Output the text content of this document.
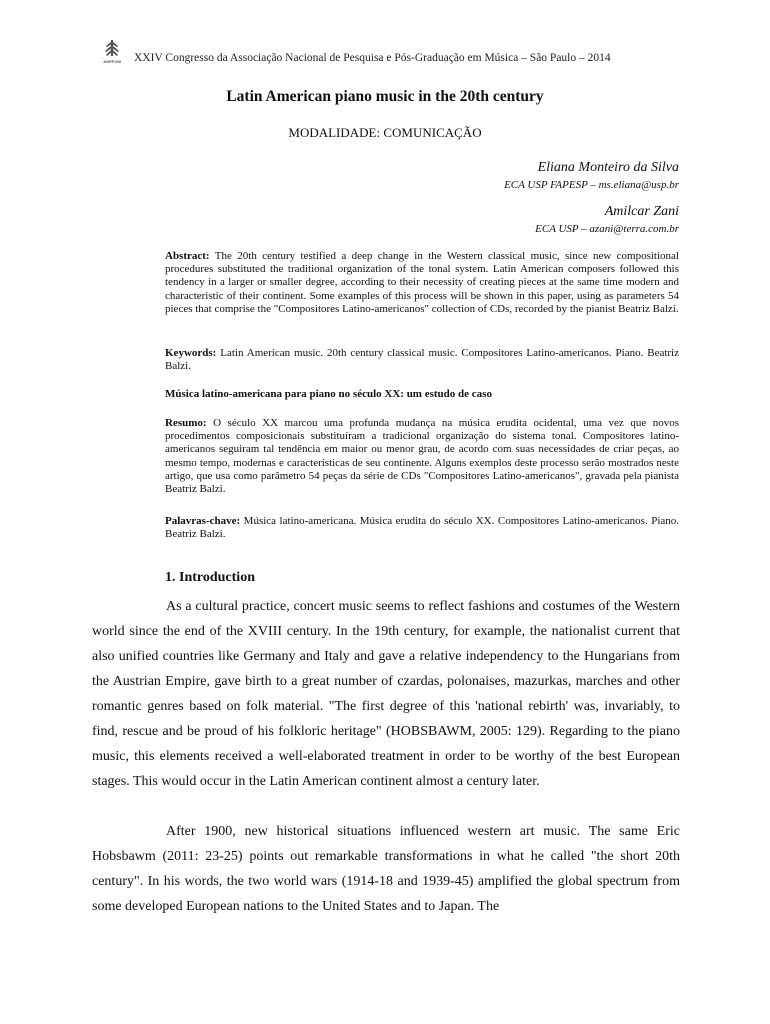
ANPPOM XXIV Congresso da Associação Nacional de Pesquisa e Pós-Graduação em Música – São Paulo – 2014
Latin American piano music in the 20th century
MODALIDADE: COMUNICAÇÃO
Eliana Monteiro da Silva
ECA USP FAPESP – ms.eliana@usp.br
Amilcar Zani
ECA USP – azani@terra.com.br
Abstract: The 20th century testified a deep change in the Western classical music, since new compositional procedures substituted the traditional organization of the tonal system. Latin American composers followed this tendency in a larger or smaller degree, according to their necessity of creating pieces at the same time modern and characteristic of their continent. Some examples of this process will be shown in this paper, using as parameters 54 pieces that comprise the "Compositores Latino-americanos" collection of CDs, recorded by the pianist Beatriz Balzi.
Keywords: Latin American music. 20th century classical music. Compositores Latino-americanos. Piano. Beatriz Balzi.
Música latino-americana para piano no século XX: um estudo de caso
Resumo: O século XX marcou uma profunda mudança na música erudita ocidental, uma vez que novos procedimentos composicionais substituíram a tradicional organização do sistema tonal. Compositores latino-americanos seguiram tal tendência em maior ou menor grau, de acordo com suas necessidades de criar peças, ao mesmo tempo, modernas e características de seu continente. Alguns exemplos deste processo serão mostrados neste artigo, que usa como parâmetro 54 peças da série de CDs "Compositores Latino-americanos", gravada pela pianista Beatriz Balzi.
Palavras-chave: Música latino-americana. Música erudita do século XX. Compositores Latino-americanos. Piano. Beatriz Balzi.
1. Introduction
As a cultural practice, concert music seems to reflect fashions and costumes of the Western world since the end of the XVIII century. In the 19th century, for example, the nationalist current that also unified countries like Germany and Italy and gave a relative independency to the Hungarians from the Austrian Empire, gave birth to a great number of czardas, polonaises, mazurkas, marches and other romantic genres based on folk material. "The first degree of this 'national rebirth' was, invariably, to find, rescue and be proud of his folkloric heritage" (HOBSBAWM, 2005: 129). Regarding to the piano music, this elements received a well-elaborated treatment in order to be worthy of the best European stages. This would occur in the Latin American continent almost a century later.
After 1900, new historical situations influenced western art music. The same Eric Hobsbawm (2011: 23-25) points out remarkable transformations in what he called "the short 20th century". In his words, the two world wars (1914-18 and 1939-45) amplified the global spectrum from some developed European nations to the United States and to Japan. The
